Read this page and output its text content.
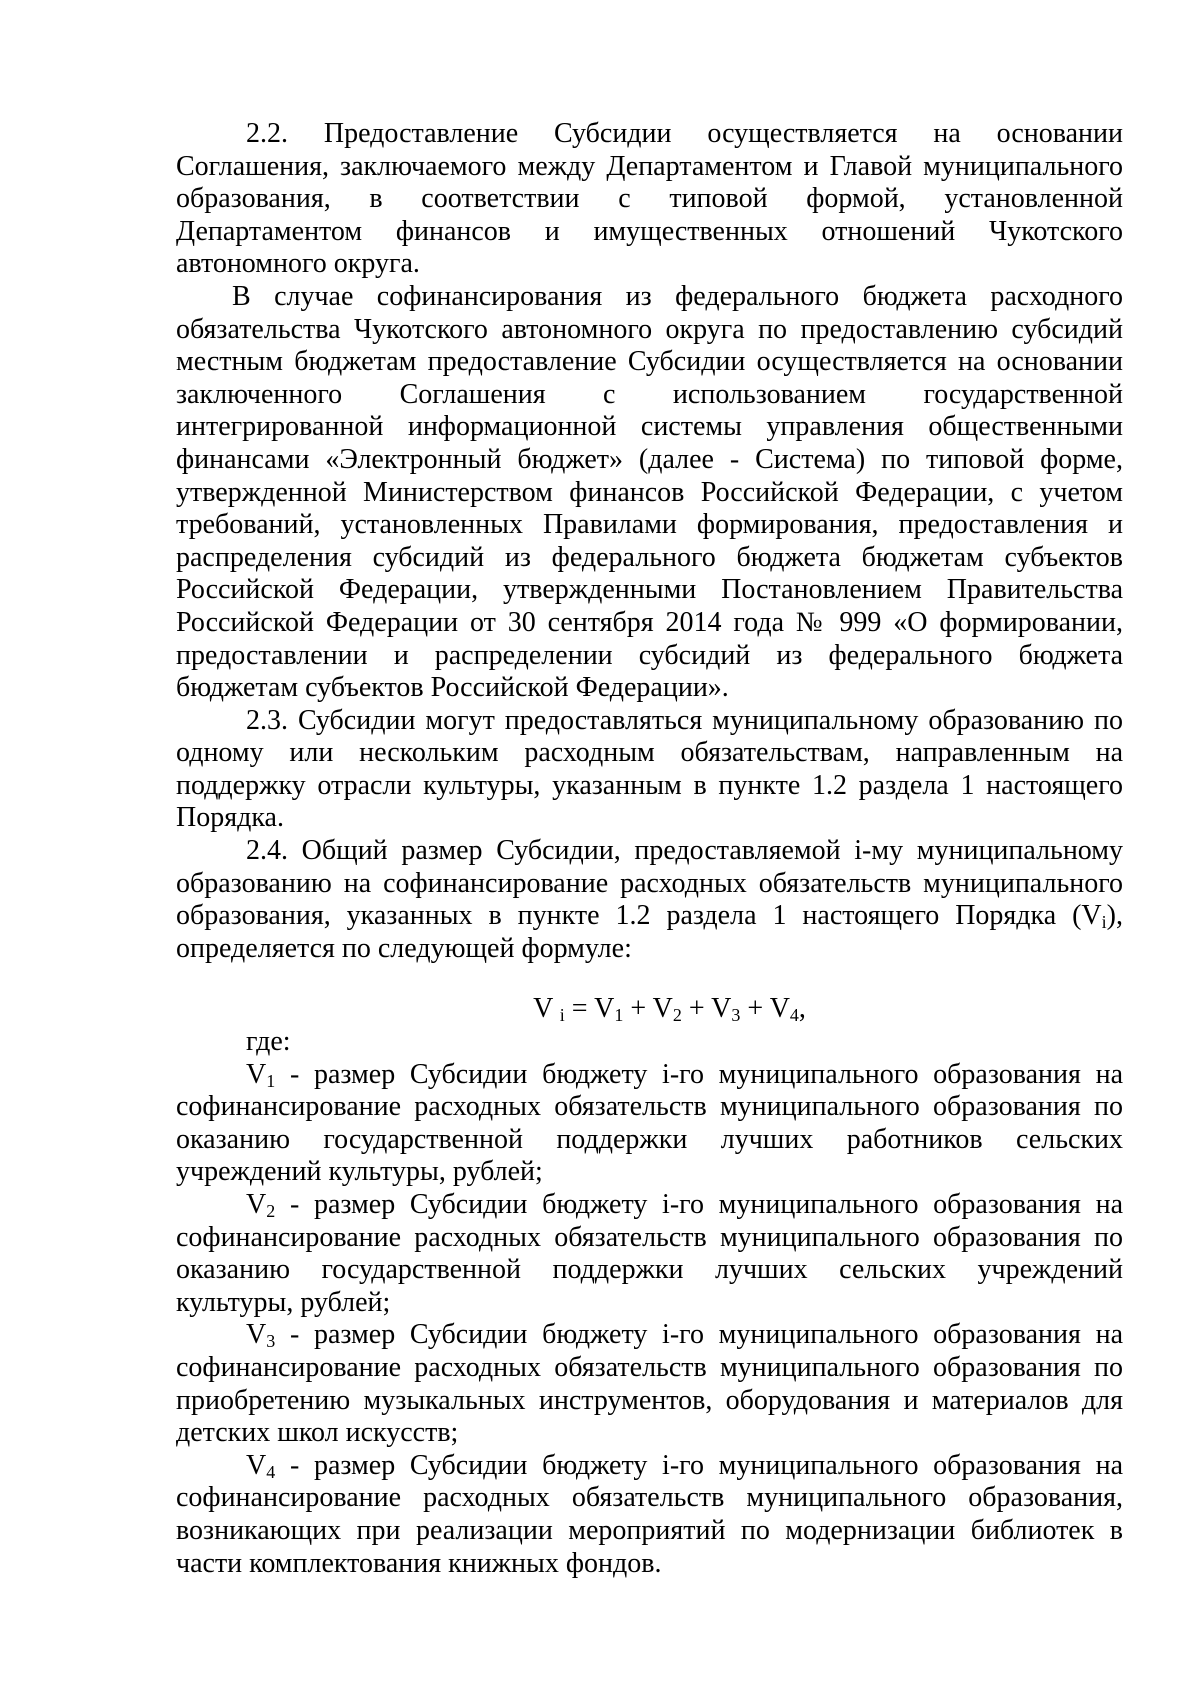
2.2. Предоставление Субсидии осуществляется на основании Соглашения, заключаемого между Департаментом и Главой муниципального образования, в соответствии с типовой формой, установленной Департаментом финансов и имущественных отношений Чукотского автономного округа.

В случае софинансирования из федерального бюджета расходного обязательства Чукотского автономного округа по предоставлению субсидий местным бюджетам предоставление Субсидии осуществляется на основании заключенного Соглашения с использованием государственной интегрированной информационной системы управления общественными финансами «Электронный бюджет» (далее - Система) по типовой форме, утвержденной Министерством финансов Российской Федерации, с учетом требований, установленных Правилами формирования, предоставления и распределения субсидий из федерального бюджета бюджетам субъектов Российской Федерации, утвержденными Постановлением Правительства Российской Федерации от 30 сентября 2014 года № 999 «О формировании, предоставлении и распределении субсидий из федерального бюджета бюджетам субъектов Российской Федерации».

2.3. Субсидии могут предоставляться муниципальному образованию по одному или нескольким расходным обязательствам, направленным на поддержку отрасли культуры, указанным в пункте 1.2 раздела 1 настоящего Порядка.

2.4. Общий размер Субсидии, предоставляемой i-му муниципальному образованию на софинансирование расходных обязательств муниципального образования, указанных в пункте 1.2 раздела 1 настоящего Порядка $(V_i)$, определяется по следующей формуле:

V $_i = V_1 + V_2 + V_3 + V_4$,

где:

$V_1$ - размер Субсидии бюджету i-го муниципального образования на софинансирование расходных обязательств муниципального образования по оказанию государственной поддержки лучших работников сельских учреждений культуры, рублей;

$V_2$ - размер Субсидии бюджету i-го муниципального образования на софинансирование расходных обязательств муниципального образования по оказанию государственной поддержки лучших сельских учреждений культуры, рублей;

$V_3$ - размер Субсидии бюджету i-го муниципального образования на софинансирование расходных обязательств муниципального образования по приобретению музыкальных инструментов, оборудования и материалов для детских школ искусств;

$V_4$ - размер Субсидии бюджету i-го муниципального образования на софинансирование расходных обязательств муниципального образования, возникающих при реализации мероприятий по модернизации библиотек в части комплектования книжных фондов.
